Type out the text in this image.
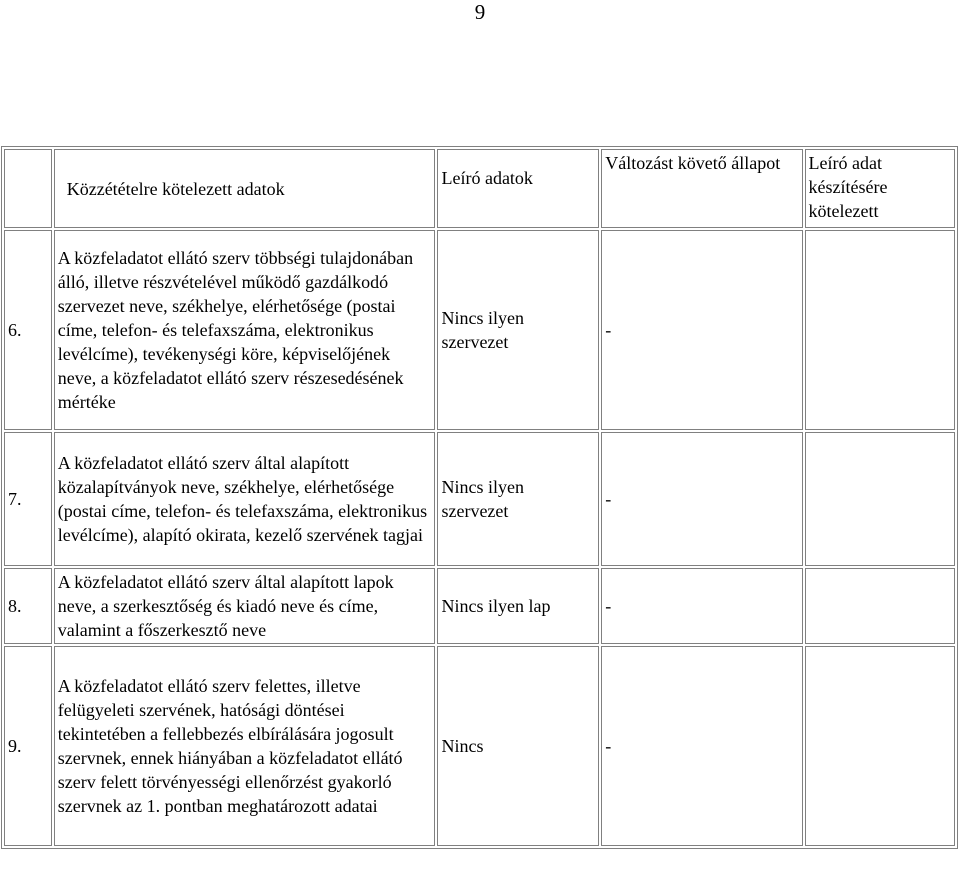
9
	Közzétételre kötelezett adatok	Leíró adatok	Változást követő állapot	Leíró adat készítésére kötelezett
6.	A közfeladatot ellátó szerv többségi tulajdonában álló, illetve részvételével működő gazdálkodó szervezet neve, székhelye, elérhetősége (postai címe, telefon- és telefaxszáma, elektronikus levélcíme), tevékenységi köre, képviselőjének neve, a közfeladatot ellátó szerv részesedésének mértéke	Nincs ilyen szervezet	-	
7.	A közfeladatot ellátó szerv által alapított közalapítványok neve, székhelye, elérhetősége (postai címe, telefon- és telefaxszáma, elektronikus levélcíme), alapító okirata, kezelő szervének tagjai	Nincs ilyen szervezet	-	
8.	A közfeladatot ellátó szerv által alapított lapok neve, a szerkesztőség és kiadó neve és címe, valamint a főszerkesztő neve	Nincs ilyen lap	-	
9.	A közfeladatot ellátó szerv felettes, illetve felügyeleti szervének, hatósági döntései tekintetében a fellebbezés elbírálására jogosult szervnek, ennek hiányában a közfeladatot ellátó szerv felett törvényességi ellenőrzést gyakorló szervnek az 1. pontban meghatározott adatai	Nincs	-	
